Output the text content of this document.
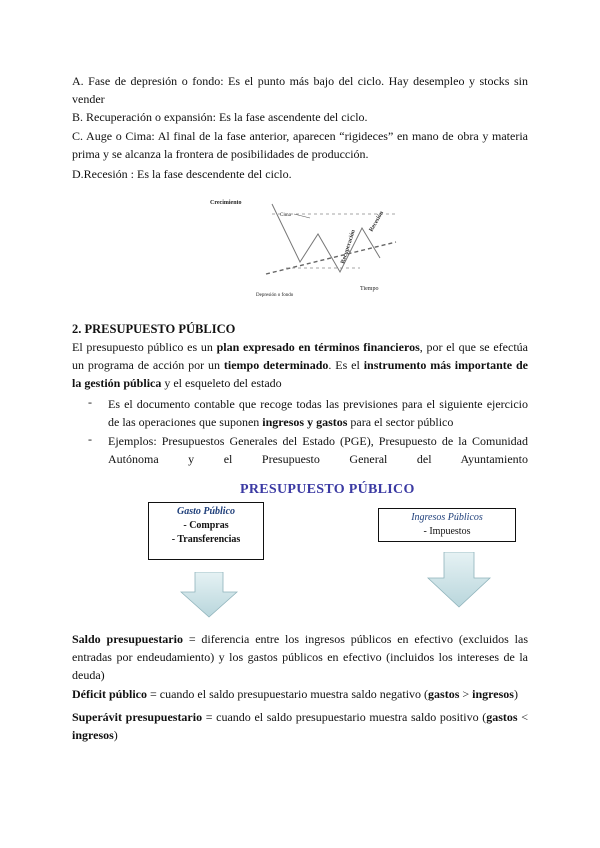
A. Fase de depresión o fondo: Es el punto más bajo del ciclo. Hay desempleo y stocks sin vender
B. Recuperación o expansión: Es la fase ascendente del ciclo.
C. Auge o Cima: Al final de la fase anterior, aparecen “rigideces” en mano de obra y materia prima y se alcanza la frontera de posibilidades de producción.
D.Recesión : Es la fase descendente del ciclo.
Crecimiento
Cima
Recuperación
Recesión
Depresión o fondo
Tiempo
2. PRESUPUESTO PÚBLICO
El presupuesto público es un plan expresado en términos financieros, por el que se efectúa un programa de acción por un tiempo determinado. Es el instrumento más importante de la gestión pública y el esqueleto del estado
- Es el documento contable que recoge todas las previsiones para el siguiente ejercicio de las operaciones que suponen ingresos y gastos para el sector público
- Ejemplos: Presupuestos Generales del Estado (PGE), Presupuesto de la Comunidad Autónoma y el Presupuesto General del Ayuntamiento
PRESUPUESTO PÚBLICO
Gasto Público
- Compras
- Transferencias
Ingresos Públicos
- Impuestos
Saldo presupuestario = diferencia entre los ingresos públicos en efectivo (excluidos las entradas por endeudamiento) y los gastos públicos en efectivo (incluidos los intereses de la deuda)
Déficit público = cuando el saldo presupuestario muestra saldo negativo (gastos > ingresos)
Superávit presupuestario = cuando el saldo presupuestario muestra saldo positivo (gastos < ingresos)
